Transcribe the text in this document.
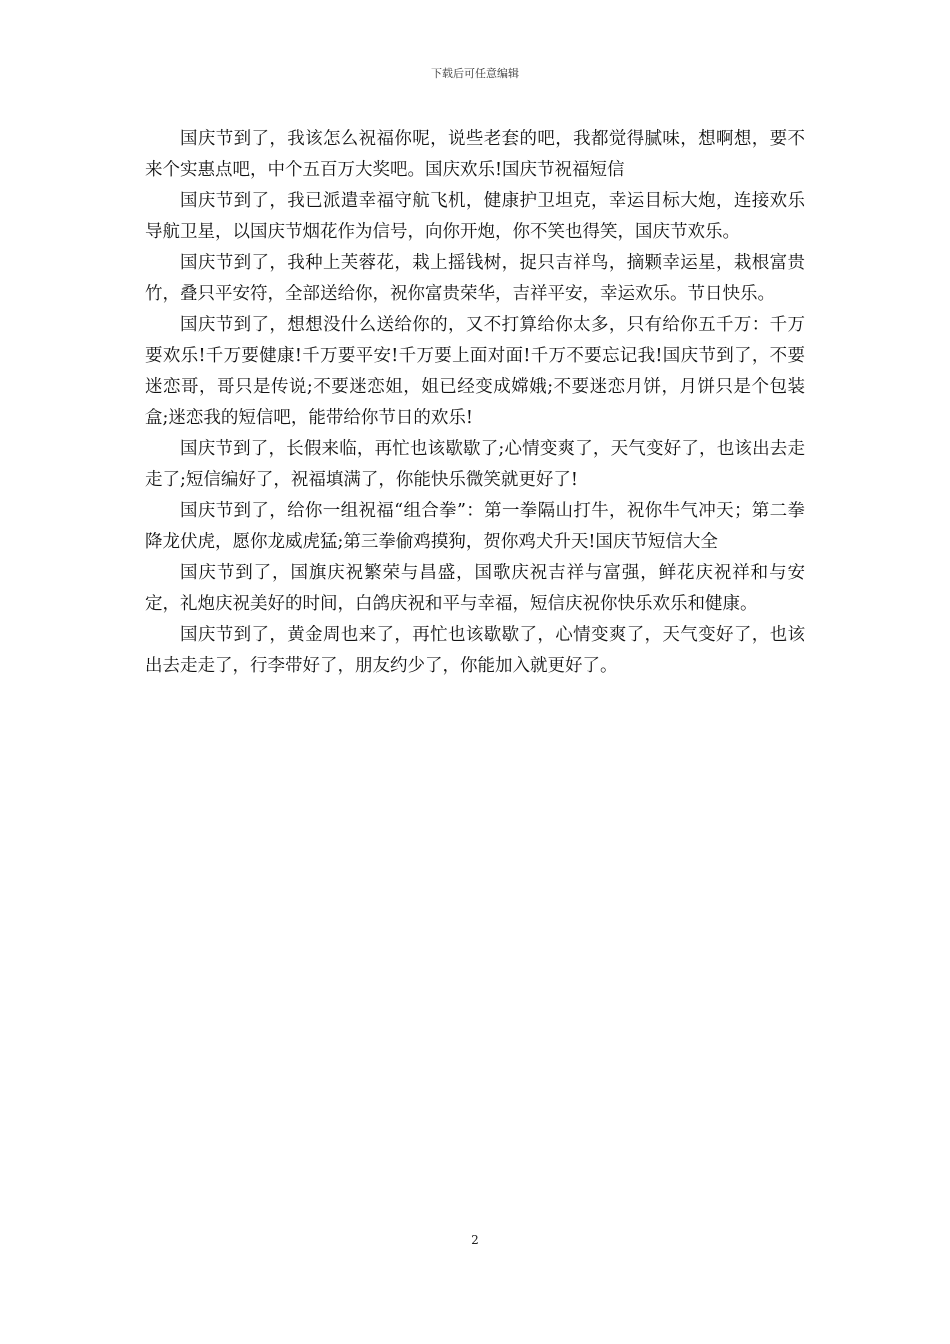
下载后可任意编辑

国庆节到了，我该怎么祝福你呢，说些老套的吧，我都觉得腻味，想啊想，要不来个实惠点吧，中个五百万大奖吧。国庆欢乐!国庆节祝福短信

国庆节到了，我已派遣幸福守航飞机，健康护卫坦克，幸运目标大炮，连接欢乐导航卫星，以国庆节烟花作为信号，向你开炮，你不笑也得笑，国庆节欢乐。

国庆节到了，我种上芙蓉花，栽上摇钱树，捉只吉祥鸟，摘颗幸运星，栽根富贵竹，叠只平安符，全部送给你，祝你富贵荣华，吉祥平安，幸运欢乐。节日快乐。

国庆节到了，想想没什么送给你的，又不打算给你太多，只有给你五千万：千万要欢乐!千万要健康!千万要平安!千万要上面对面!千万不要忘记我!国庆节到了，不要迷恋哥，哥只是传说;不要迷恋姐，姐已经变成嫦娥;不要迷恋月饼，月饼只是个包装盒;迷恋我的短信吧，能带给你节日的欢乐!

国庆节到了，长假来临，再忙也该歇歇了;心情变爽了，天气变好了，也该出去走走了;短信编好了，祝福填满了，你能快乐微笑就更好了!

国庆节到了，给你一组祝福“组合拳”：第一拳隔山打牛，祝你牛气冲天；第二拳降龙伏虎，愿你龙威虎猛;第三拳偷鸡摸狗，贺你鸡犬升天!国庆节短信大全

国庆节到了，国旗庆祝繁荣与昌盛，国歌庆祝吉祥与富强，鲜花庆祝祥和与安定，礼炮庆祝美好的时间，白鸽庆祝和平与幸福，短信庆祝你快乐欢乐和健康。

国庆节到了，黄金周也来了，再忙也该歇歇了，心情变爽了，天气变好了，也该出去走走了，行李带好了，朋友约少了，你能加入就更好了。

2
